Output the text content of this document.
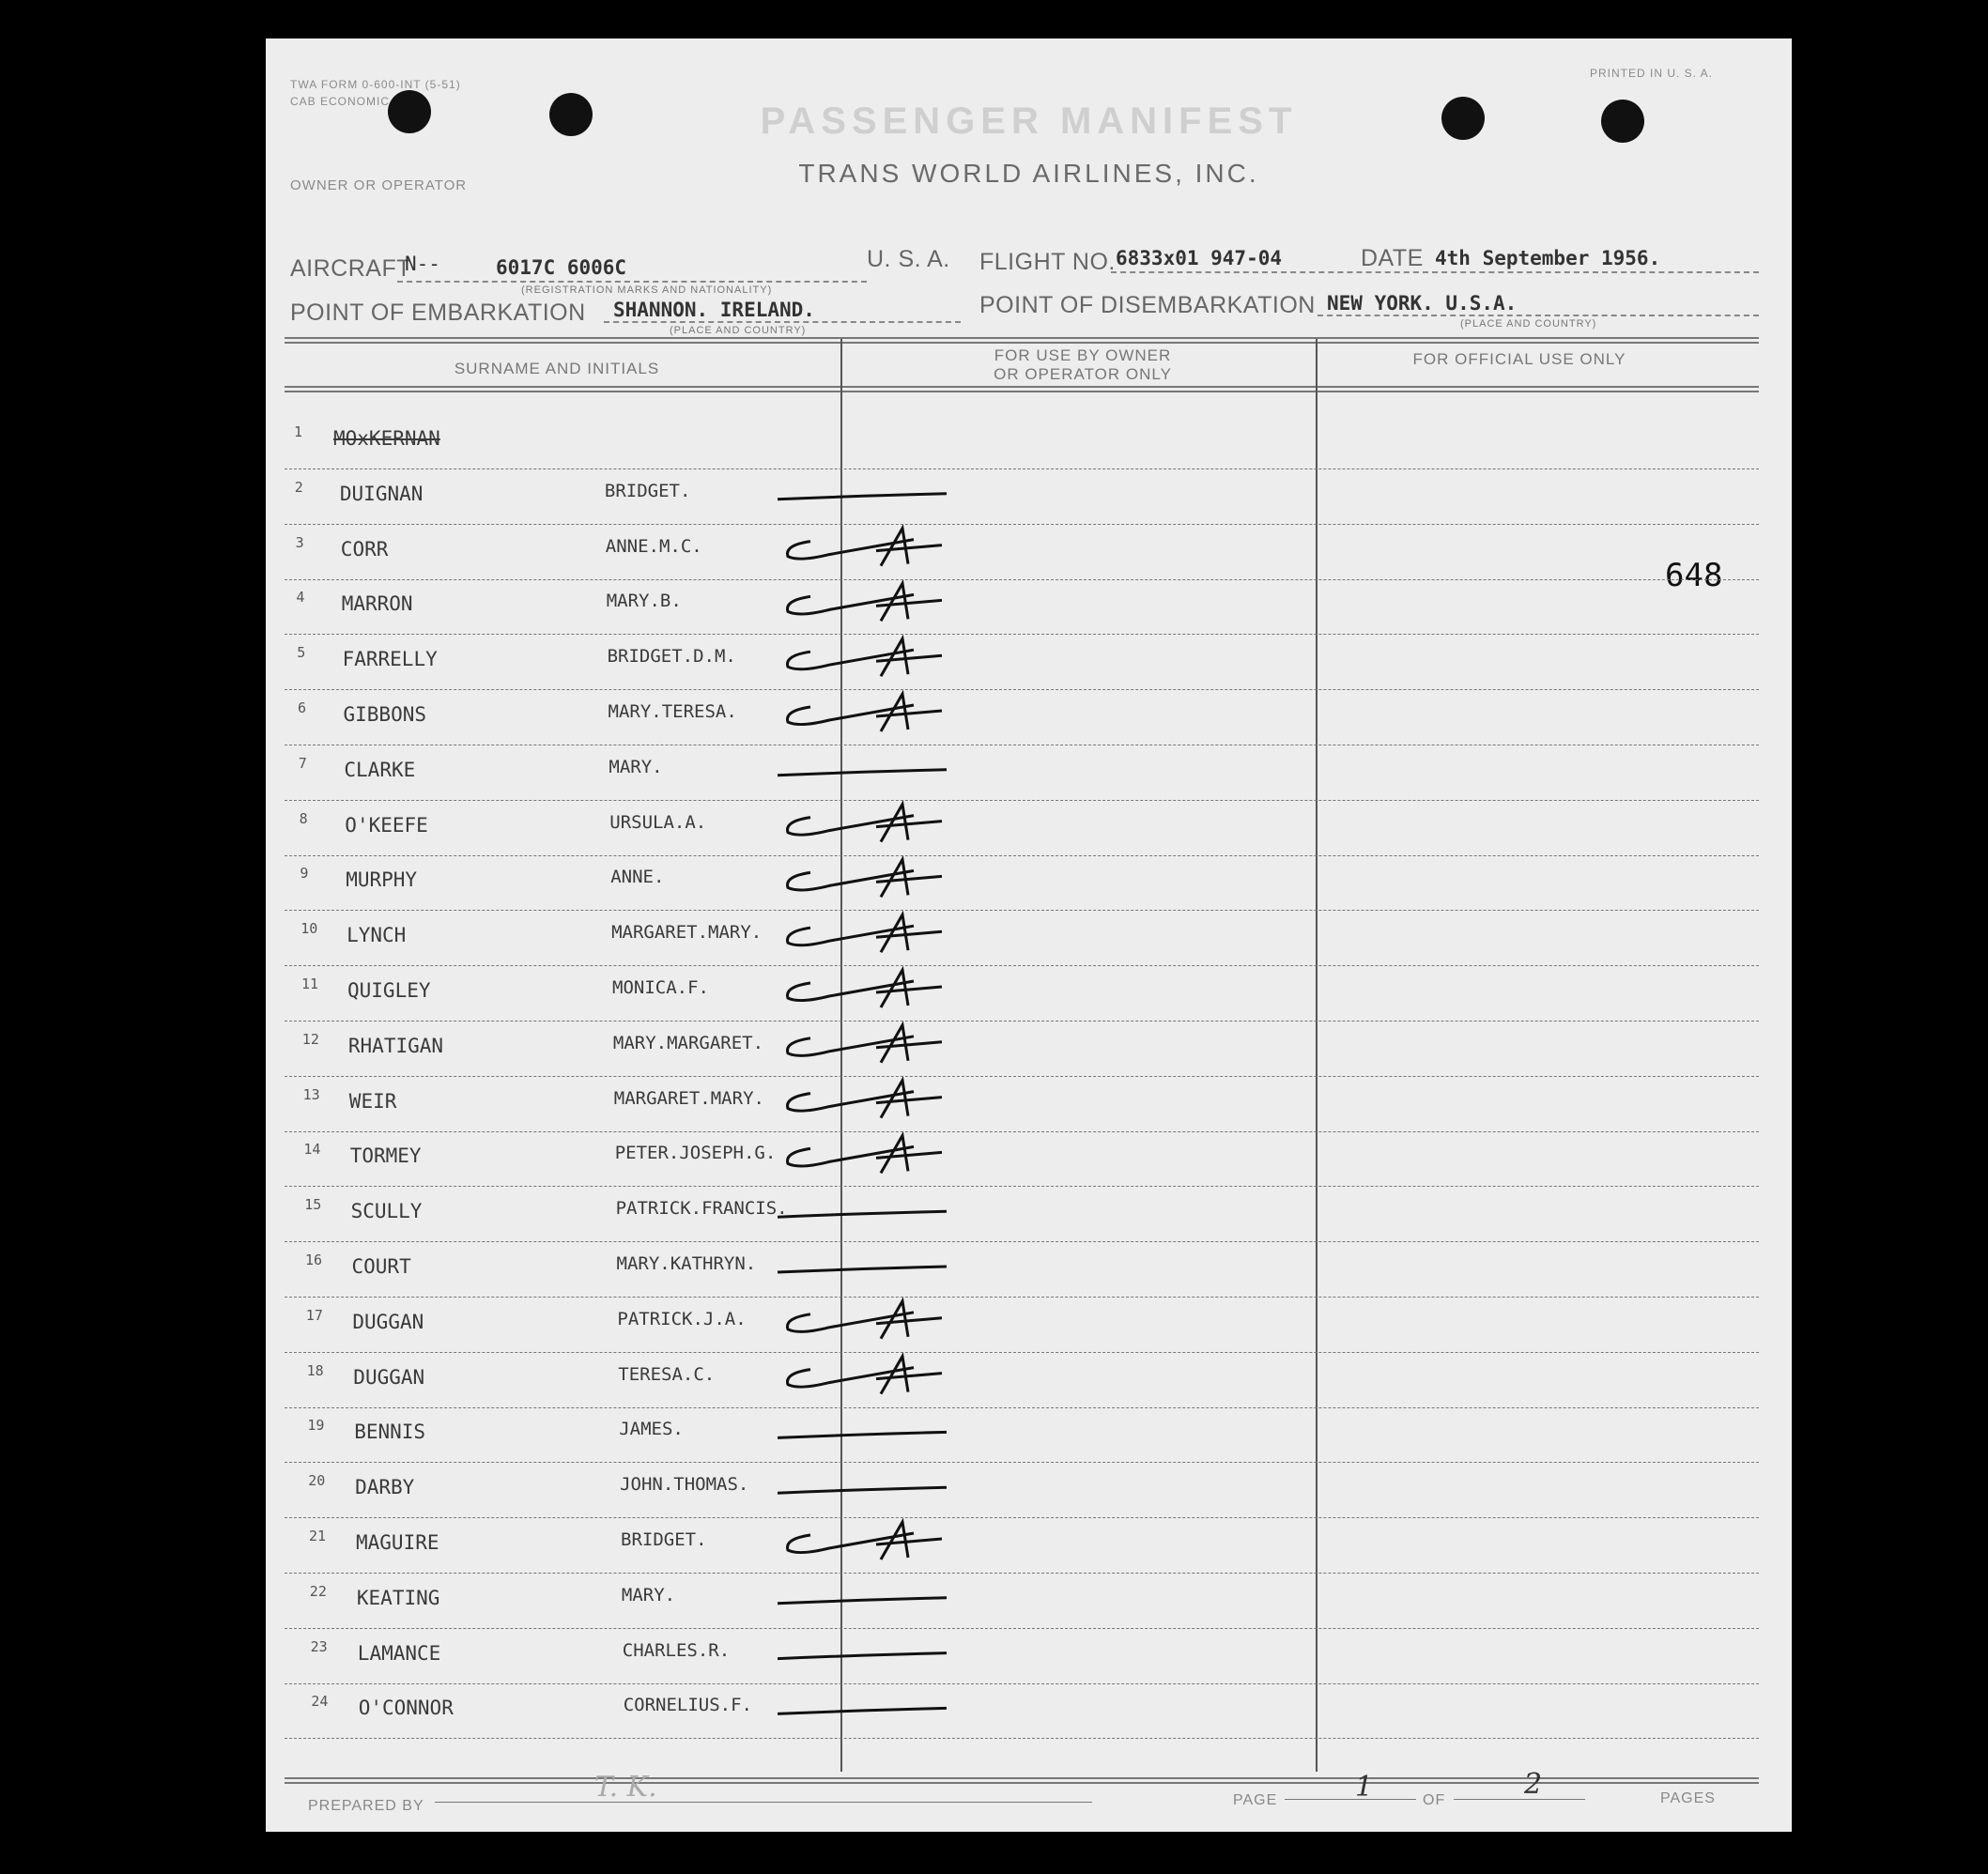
TWA FORM 0-600-INT (5-51)
CAB ECONOMIC
PRINTED IN U. S. A.
PASSENGER MANIFEST
TRANS WORLD AIRLINES, INC.
OWNER OR OPERATOR
AIRCRAFT
N--	6017C 6006C
(REGISTRATION MARKS AND NATIONALITY)
U. S. A. FLIGHT NO. 6833x01 947-04	DATE 4th September 1956.
POINT OF EMBARKATION SHANNON. IRELAND.
(PLACE AND COUNTRY)
POINT OF DISEMBARKATION NEW YORK. U.S.A.
(PLACE AND COUNTRY)
SURNAME AND INITIALS
FOR USE BY OWNER
OR OPERATOR ONLY
FOR OFFICIAL USE ONLY
648
1 MOxKERNAN
2 DUIGNAN	BRIDGET.
3 CORR	ANNE.M.C.
4 MARRON	MARY.B.
5 FARRELLY	BRIDGET.D.M.
6 GIBBONS	MARY.TERESA.
7 CLARKE	MARY.
8 O'KEEFE	URSULA.A.
9 MURPHY	ANNE.
10 LYNCH	MARGARET.MARY.
11 QUIGLEY	MONICA.F.
12 RHATIGAN	MARY.MARGARET.
13 WEIR	MARGARET.MARY.
14 TORMEY	PETER.JOSEPH.G.
15 SCULLY	PATRICK.FRANCIS.
16 COURT	MARY.KATHRYN.
17 DUGGAN	PATRICK.J.A.
18 DUGGAN	TERESA.C.
19 BENNIS	JAMES.
20 DARBY	JOHN.THOMAS.
21 MAGUIRE	BRIDGET.
22 KEATING	MARY.
23 LAMANCE	CHARLES.R.
24 O'CONNOR	CORNELIUS.F.
PREPARED BY
T. K.	PAGE	1	OF	2	PAGES
